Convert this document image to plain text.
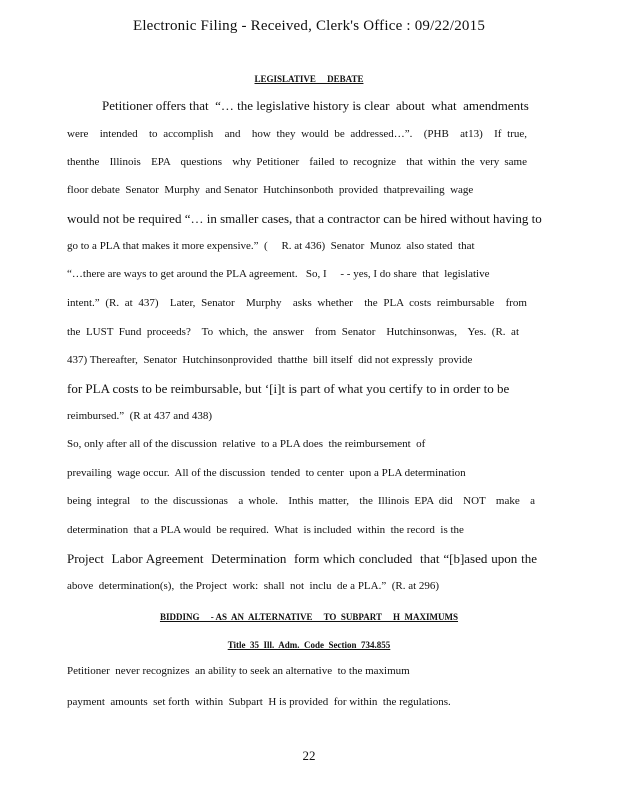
Electronic Filing - Received, Clerk's Office : 09/22/2015
LEGISLATIVE     DEBATE
Petitioner offers that  “… the legislative history is clear  about  what  amendments
were  intended  to accomplish  and  how they would be addressed…”.  (PHB  at13)  If true,
thenthe  Illinois  EPA  questions  why Petitioner  failed to recognize  that within the very same
floor debate  Senator  Murphy  and Senator  Hutchinsonboth  provided  thatprevailing  wage
would not be required “… in smaller cases, that a contractor can be hired without having to
go to a PLA that makes it more expensive.”  (     R. at 436)  Senator  Munoz  also stated  that
“…there are ways to get around the PLA agreement.   So, I     - - yes, I do share  that  legislative
intent.” (R. at 437)  Later, Senator  Murphy  asks whether  the PLA costs reimbursable  from
the LUST Fund proceeds?  To which, the answer  from Senator  Hutchinsonwas,  Yes. (R. at
437) Thereafter,  Senator  Hutchinsonprovided  thatthe  bill itself  did not expressly  provide
for PLA costs to be reimbursable, but ‘[i]t is part of what you certify to in order to be
reimbursed.”  (R at 437 and 438)
So, only after all of the discussion  relative  to a PLA does  the reimbursement  of
prevailing  wage occur.  All of the discussion  tended  to center  upon a PLA determination
being integral  to the discussionas  a whole.  Inthis matter,  the Illinois EPA did  NOT  make  a
determination  that a PLA would  be required.  What  is included  within  the record  is the
Project  Labor Agreement  Determination  form which concluded  that “[b]ased upon the
above  determination(s),  the Project  work:  shall  not  inclu  de a PLA.”  (R. at 296)
BIDDING     - AS  AN  ALTERNATIVE     TO  SUBPART     H  MAXIMUMS
Title  35  Ill.  Adm.  Code  Section  734.855
Petitioner  never recognizes  an ability to seek an alternative  to the maximum
payment  amounts  set forth  within  Subpart  H is provided  for within  the regulations.
22
